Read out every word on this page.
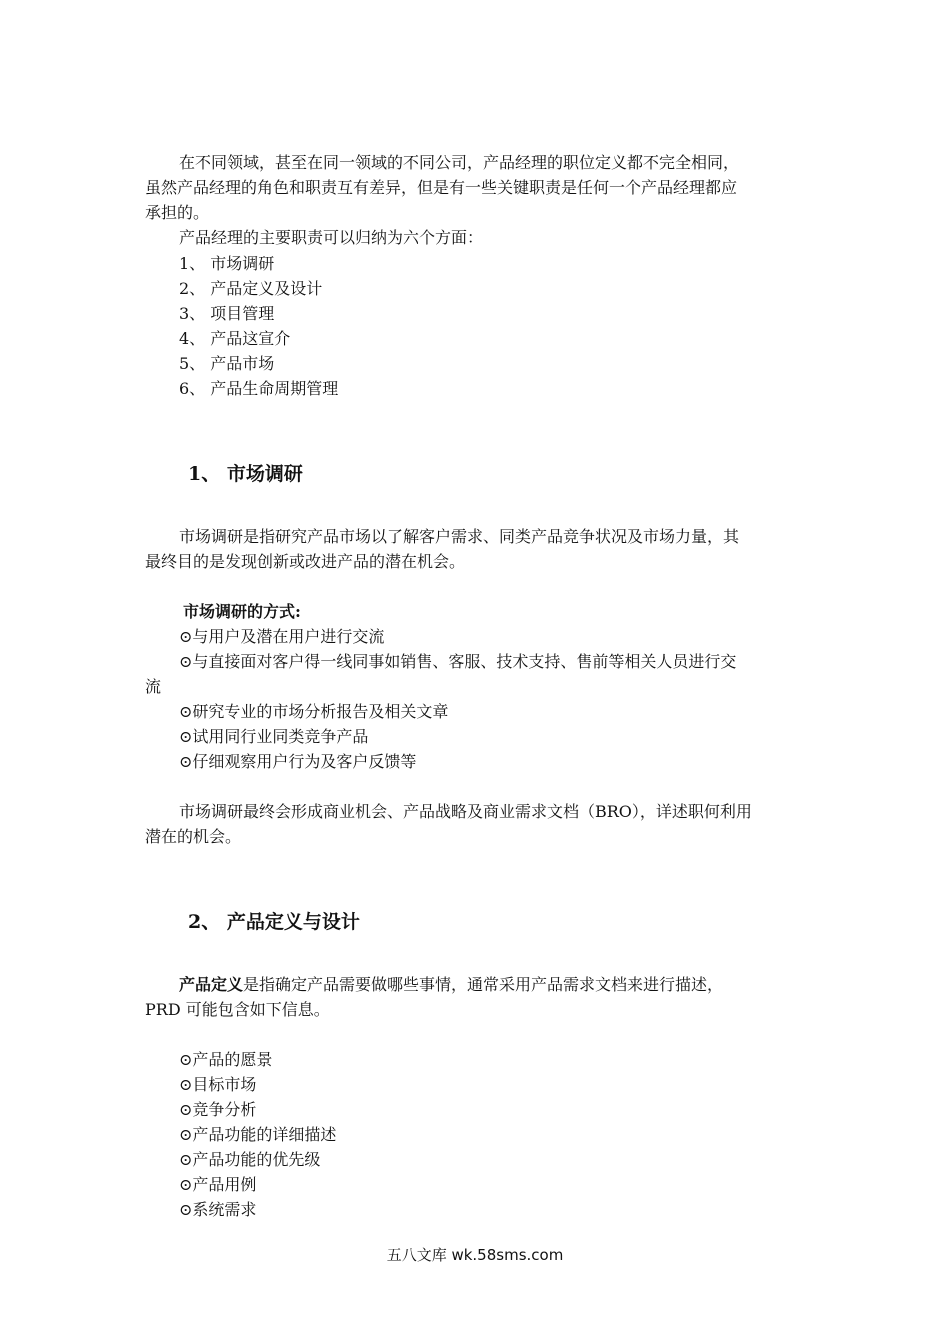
在不同领域，甚至在同一领域的不同公司，产品经理的职位定义都不完全相同，
虽然产品经理的角色和职责互有差异，但是有一些关键职责是任何一个产品经理都应
承担的。
产品经理的主要职责可以归纳为六个方面：
1、 市场调研
2、 产品定义及设计
3、 项目管理
4、 产品这宣介
5、 产品市场
6、 产品生命周期管理
1、 市场调研
市场调研是指研究产品市场以了解客户需求、同类产品竞争状况及市场力量，其
最终目的是发现创新或改进产品的潜在机会。
市场调研的方式:
⊙与用户及潜在用户进行交流
⊙与直接面对客户得一线同事如销售、客服、技术支持、售前等相关人员进行交
流
⊙研究专业的市场分析报告及相关文章
⊙试用同行业同类竞争产品
⊙仔细观察用户行为及客户反馈等
市场调研最终会形成商业机会、产品战略及商业需求文档（BRO），详述职何利用
潜在的机会。
2、 产品定义与设计
产品定义是指确定产品需要做哪些事情，通常采用产品需求文档来进行描述，
PRD 可能包含如下信息。
⊙产品的愿景
⊙目标市场
⊙竞争分析
⊙产品功能的详细描述
⊙产品功能的优先级
⊙产品用例
⊙系统需求
五八文库 wk.58sms.com
